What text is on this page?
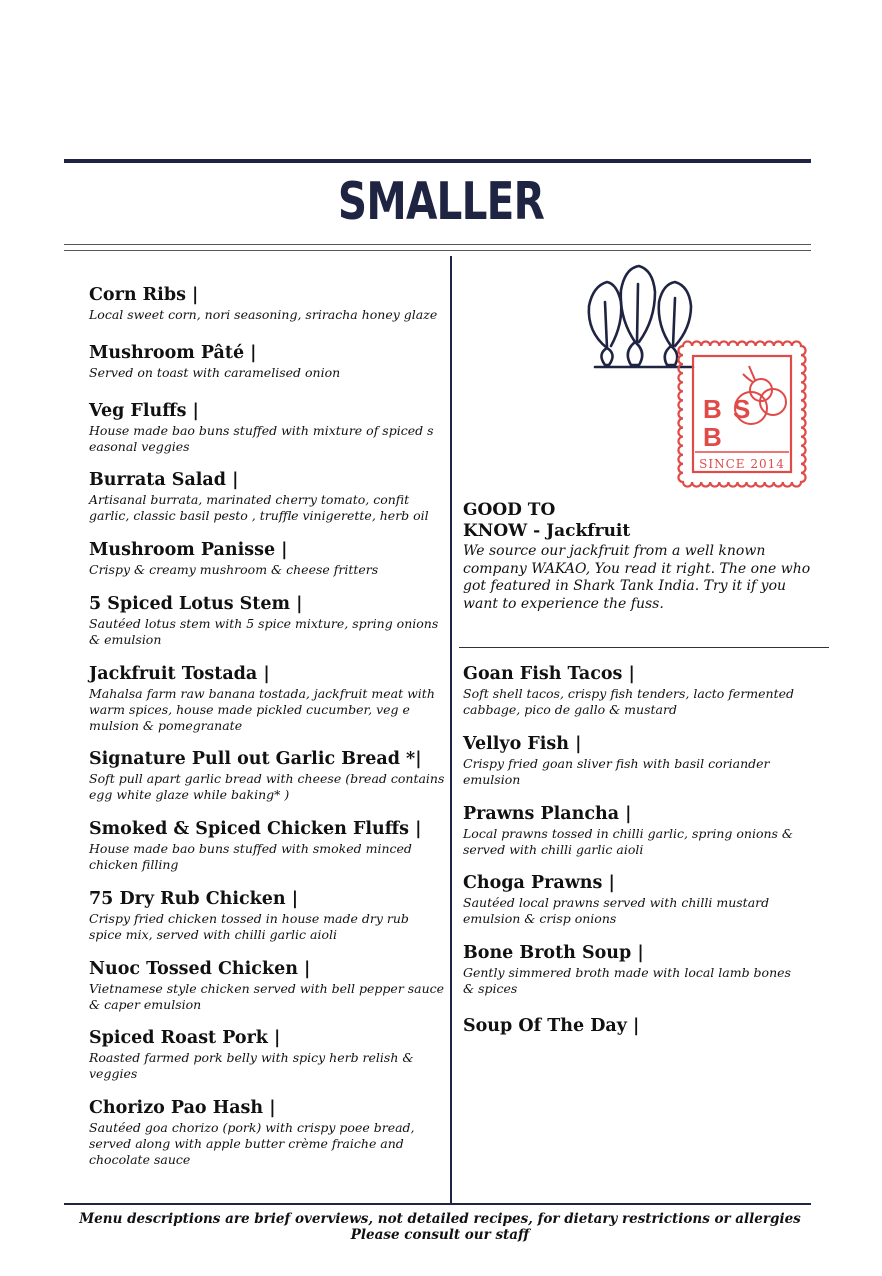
SMALLER
Corn Ribs |
Local sweet corn, nori seasoning, sriracha honey glaze
Mushroom Pâté |
Served on toast with caramelised onion
Veg Fluffs |
House made bao buns stuffed with mixture of spiced s easonal veggies
Burrata Salad |
Artisanal burrata, marinated cherry tomato, confit garlic, classic basil pesto , truffle vinigerette, herb oil
Mushroom Panisse |
Crispy & creamy mushroom & cheese fritters
5 Spiced Lotus Stem |
Sautéed lotus stem with 5 spice mixture, spring onions & emulsion
Jackfruit Tostada |
Mahalsa farm raw banana tostada, jackfruit meat with warm spices, house made pickled cucumber, veg e mulsion & pomegranate
Signature Pull out Garlic Bread *|
Soft pull apart garlic bread with cheese (bread contains egg white glaze while baking* )
Smoked & Spiced Chicken Fluffs |
House made bao buns stuffed with smoked minced chicken filling
75 Dry Rub Chicken |
Crispy fried chicken tossed in house made dry rub spice mix, served with chilli garlic aioli
Nuoc Tossed Chicken |
Vietnamese style chicken served with bell pepper sauce & caper emulsion
Spiced Roast Pork |
Roasted farmed pork belly with spicy herb relish & veggies
Chorizo Pao Hash |
Sautéed goa chorizo (pork) with crispy poee bread, served along with apple butter crème fraiche and chocolate sauce
B S
B
SINCE 2014
GOOD TO
KNOW - Jackfruit
We source our jackfruit from a well known company WAKAO, You read it right. The one who got featured in Shark Tank India. Try it if you want to experience the fuss.
Goan Fish Tacos |
Soft shell tacos, crispy fish tenders, lacto fermented cabbage, pico de gallo & mustard
Vellyo Fish |
Crispy fried goan sliver fish with basil coriander emulsion
Prawns Plancha |
Local prawns tossed in chilli garlic, spring onions & served with chilli garlic aioli
Choga Prawns |
Sautéed local prawns served with chilli mustard emulsion & crisp onions
Bone Broth Soup |
Gently simmered broth made with local lamb bones & spices
Soup Of The Day |
Menu descriptions are brief overviews, not detailed recipes, for dietary restrictions or allergies
Please consult our staff
